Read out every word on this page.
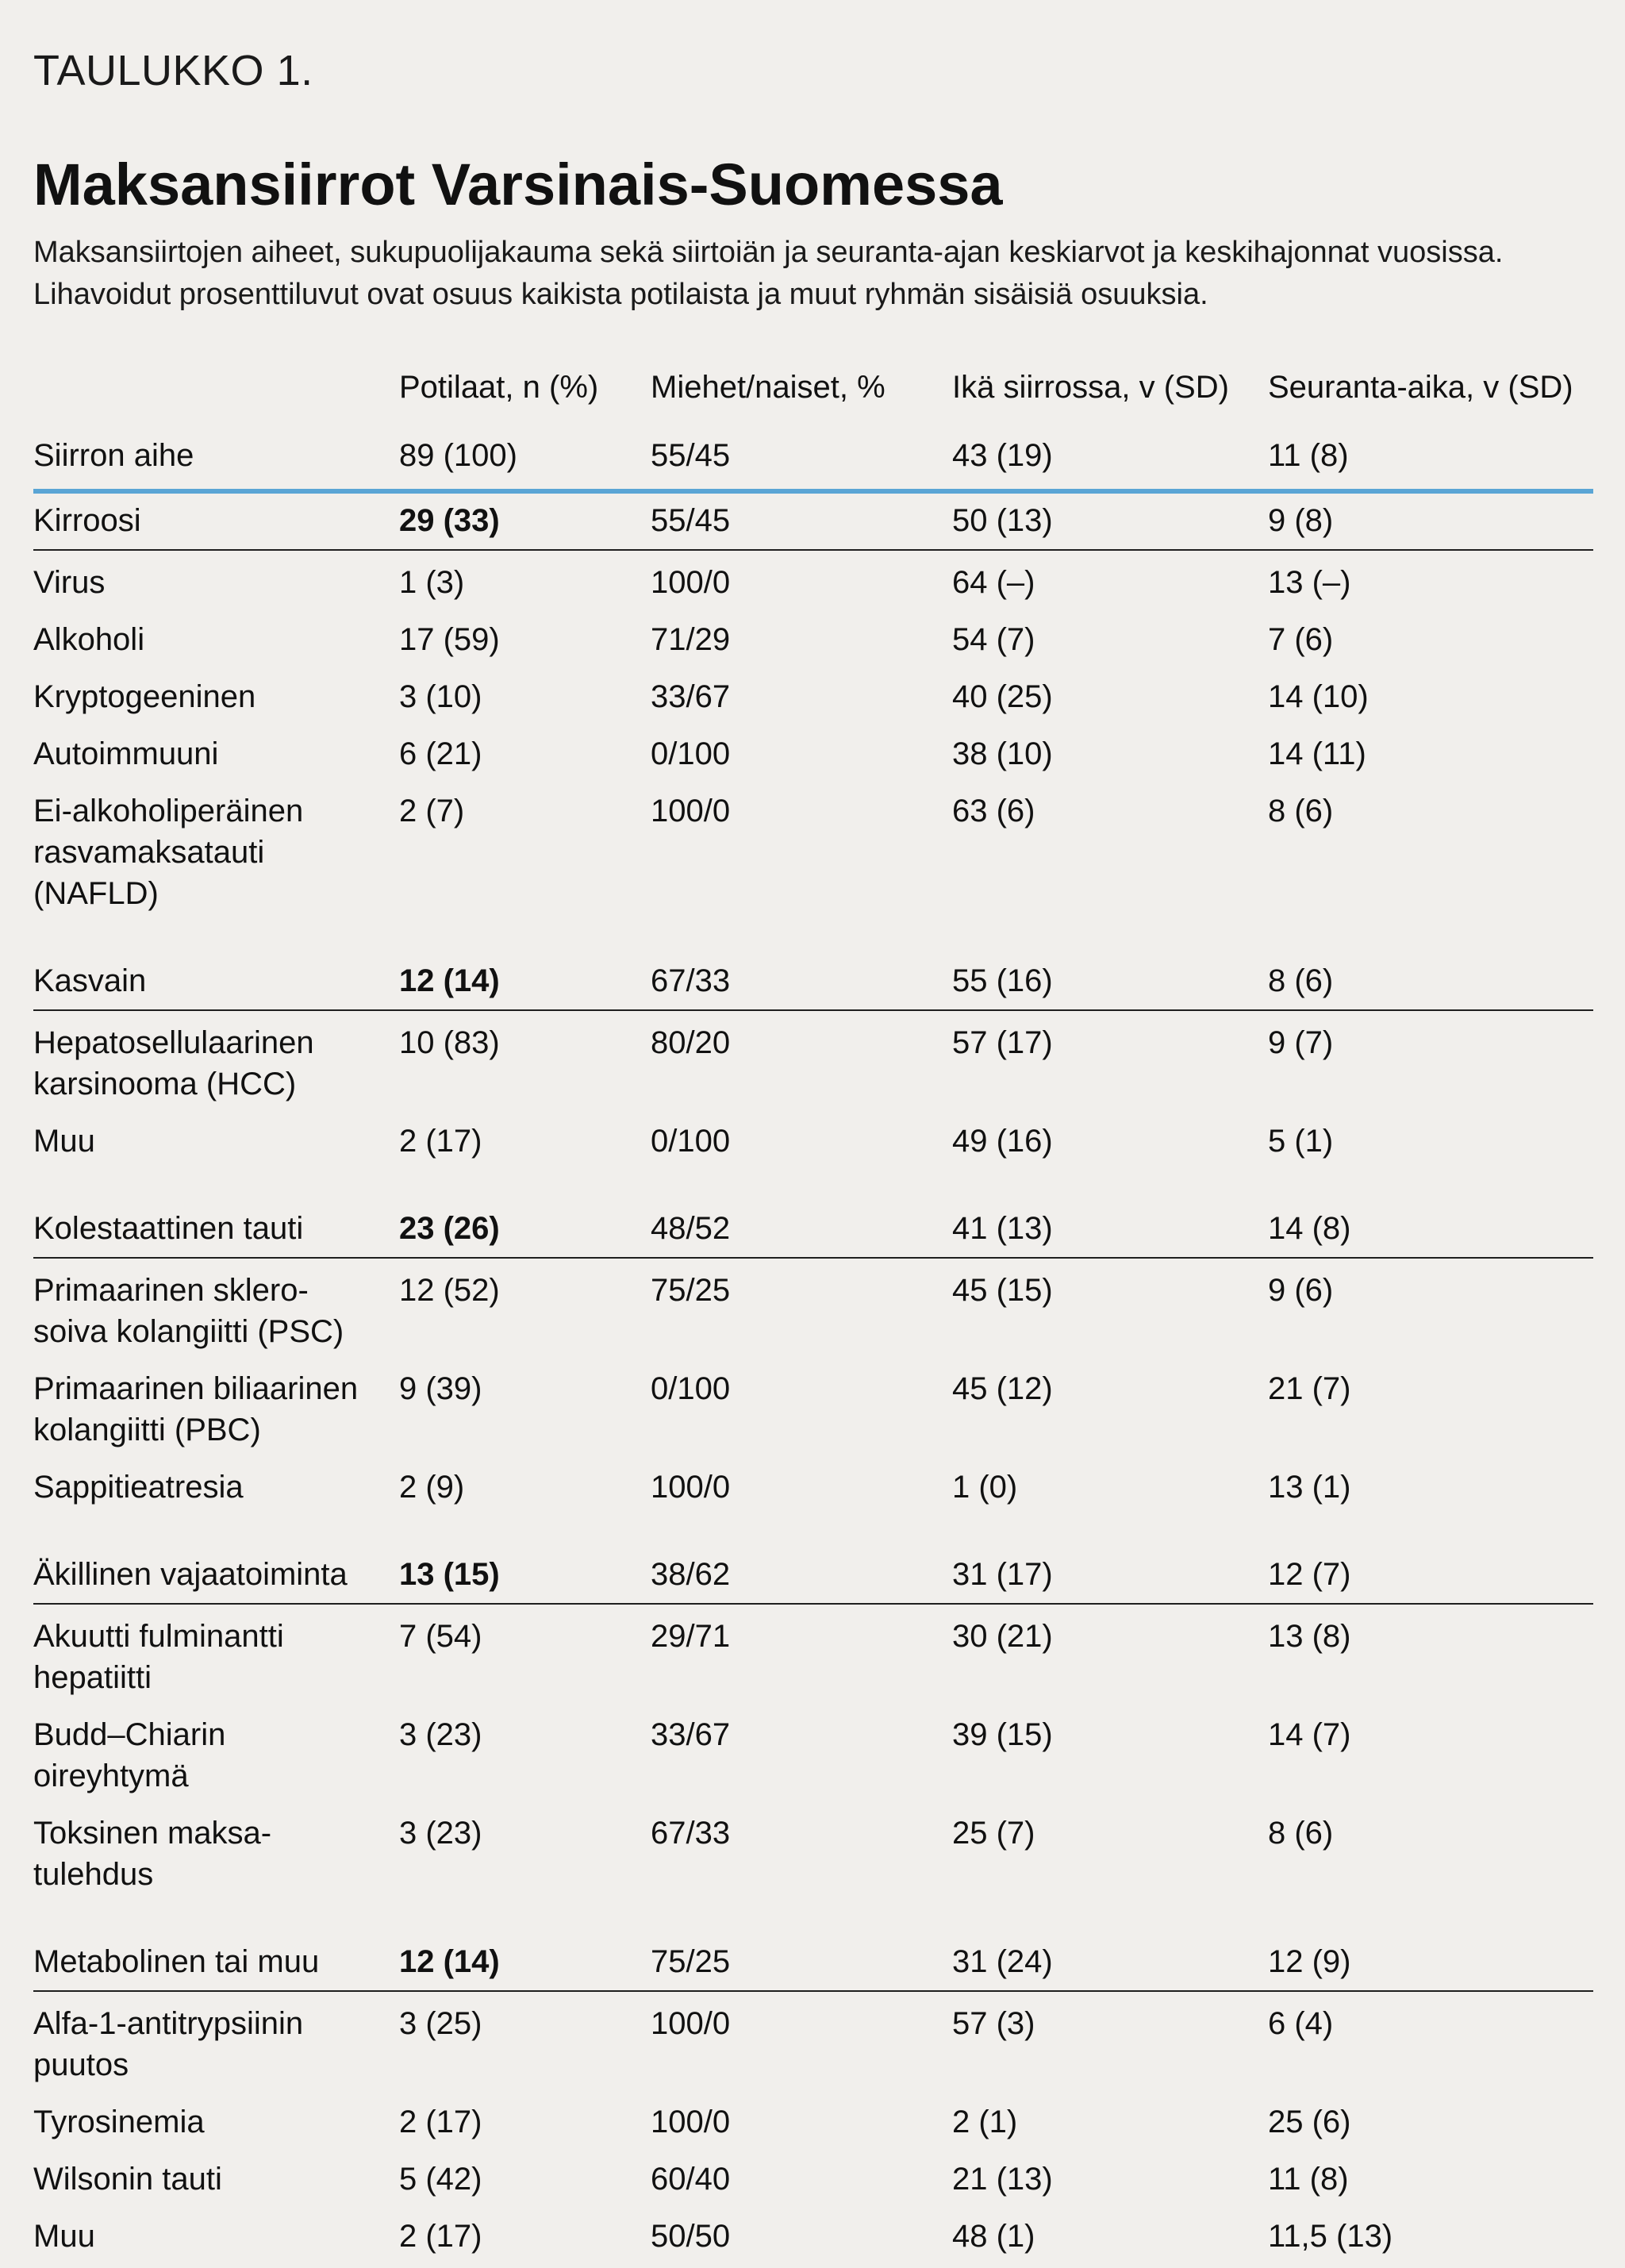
TAULUKKO 1.
Maksansiirrot Varsinais-Suomessa
Maksansiirtojen aiheet, sukupuolijakauma sekä siirtoiän ja seuranta-ajan keskiarvot ja keskihajonnat vuosissa. Lihavoidut prosenttiluvut ovat osuus kaikista potilaista ja muut ryhmän sisäisiä osuuksia.
Potilaat, n (%)	Miehet/naiset, %	Ikä siirrossa, v (SD)	Seuranta-aika, v (SD)
Siirron aihe	89 (100)	55/45	43 (19)	11 (8)
Kirroosi	29 (33)	55/45	50 (13)	9 (8)
Virus	1 (3)	100/0	64 (–)	13 (–)
Alkoholi	17 (59)	71/29	54 (7)	7 (6)
Kryptogeeninen	3 (10)	33/67	40 (25)	14 (10)
Autoimmuuni	6 (21)	0/100	38 (10)	14 (11)
Ei-alkoholiperäinen
rasvamaksatauti
(NAFLD)
2 (7)	100/0	63 (6)	8 (6)
Kasvain	12 (14)	67/33	55 (16)	8 (6)
Hepatosellulaarinen
karsinooma (HCC)
10 (83)	80/20	57 (17)	9 (7)
Muu	2 (17)	0/100	49 (16)	5 (1)
Kolestaattinen tauti	23 (26)	48/52	41 (13)	14 (8)
Primaarinen sklero-
soiva kolangiitti (PSC)
12 (52)	75/25	45 (15)	9 (6)
Primaarinen biliaarinen
kolangiitti (PBC)
9 (39)	0/100	45 (12)	21 (7)
Sappitieatresia	2 (9)	100/0	1 (0)	13 (1)
Äkillinen vajaatoiminta	13 (15)	38/62	31 (17)	12 (7)
Akuutti fulminantti
hepatiitti
7 (54)	29/71	30 (21)	13 (8)
Budd–Chiarin
oireyhtymä
3 (23)	33/67	39 (15)	14 (7)
Toksinen maksa-
tulehdus
3 (23)	67/33	25 (7)	8 (6)
Metabolinen tai muu	12 (14)	75/25	31 (24)	12 (9)
Alfa-1-antitrypsiinin
puutos
3 (25)	100/0	57 (3)	6 (4)
Tyrosinemia	2 (17)	100/0	2 (1)	25 (6)
Wilsonin tauti	5 (42)	60/40	21 (13)	11 (8)
Muu	2 (17)	50/50	48 (1)	11,5 (13)
